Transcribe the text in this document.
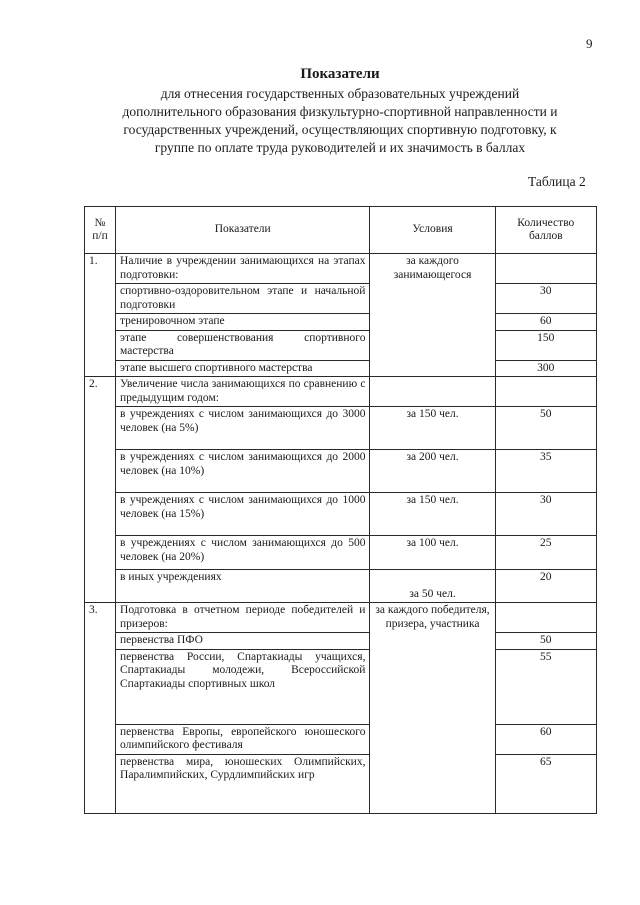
9
Показатели
для отнесения государственных образовательных учреждений
дополнительного образования физкультурно-спортивной направленности и
государственных учреждений, осуществляющих спортивную подготовку, к
группе по оплате труда руководителей и их значимость в баллах
Таблица 2
№ п/п	Показатели	Условия	Количество баллов
1.	Наличие в учреждении занимающихся на этапах подготовки:	за каждого занимающегося	
	спортивно-оздоровительном этапе и начальной подготовки		30
	тренировочном этапе		60
	этапе совершенствования спортивного мастерства		150
	этапе высшего спортивного мастерства		300
2.	Увеличение числа занимающихся по сравнению с предыдущим годом:		
	в учреждениях с числом занимающихся до 3000 человек (на 5%)	за 150 чел.	50
	в учреждениях с числом занимающихся до 2000 человек (на 10%)	за 200 чел.	35
	в учреждениях с числом занимающихся до 1000 человек (на 15%)	за 150 чел.	30
	в учреждениях с числом занимающихся до 500 человек (на 20%)	за 100 чел.	25
	в иных учреждениях	за 50 чел.	20
3.	Подготовка в отчетном периоде победителей и призеров:	за каждого победителя, призера, участника	
	первенства ПФО		50
	первенства России, Спартакиады учащихся, Спартакиады молодежи, Всероссийской Спартакиады спортивных школ		55
	первенства Европы, европейского юношеского олимпийского фестиваля		60
	первенства мира, юношеских Олимпийских, Паралимпийских, Сурдлимпийских игр		65
